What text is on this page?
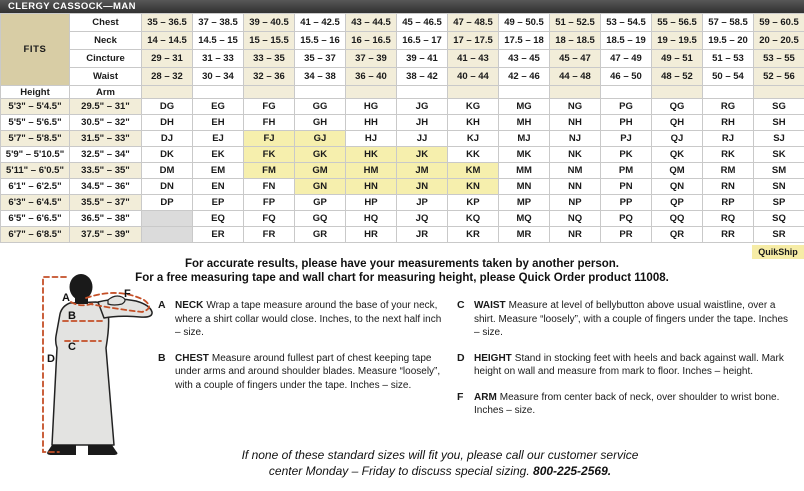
CLERGY CASSOCK—MAN
FITS	Chest	35 – 36.5	37 – 38.5	39 – 40.5	41 – 42.5	43 – 44.5	45 – 46.5	47 – 48.5	49 – 50.5	51 – 52.5	53 – 54.5	55 – 56.5	57 – 58.5	59 – 60.5
	Neck	14 – 14.5	14.5 – 15	15 – 15.5	15.5 – 16	16 – 16.5	16.5 – 17	17 – 17.5	17.5 – 18	18 – 18.5	18.5 – 19	19 – 19.5	19.5 – 20	20 – 20.5
	Cincture	29 – 31	31 – 33	33 – 35	35 – 37	37 – 39	39 – 41	41 – 43	43 – 45	45 – 47	47 – 49	49 – 51	51 – 53	53 – 55
	Waist	28 – 32	30 – 34	32 – 36	34 – 38	36 – 40	38 – 42	40 – 44	42 – 46	44 – 48	46 – 50	48 – 52	50 – 54	52 – 56
Height	Arm													
5'3" – 5'4.5"	29.5" – 31"	DG	EG	FG	GG	HG	JG	KG	MG	NG	PG	QG	RG	SG
5'5" – 5'6.5"	30.5" – 32"	DH	EH	FH	GH	HH	JH	KH	MH	NH	PH	QH	RH	SH
5'7" – 5'8.5"	31.5" – 33"	DJ	EJ	FJ	GJ	HJ	JJ	KJ	MJ	NJ	PJ	QJ	RJ	SJ
5'9" – 5'10.5"	32.5" – 34"	DK	EK	FK	GK	HK	JK	KK	MK	NK	PK	QK	RK	SK
5'11" – 6'0.5"	33.5" – 35"	DM	EM	FM	GM	HM	JM	KM	MM	NM	PM	QM	RM	SM
6'1" – 6'2.5"	34.5" – 36"	DN	EN	FN	GN	HN	JN	KN	MN	NN	PN	QN	RN	SN
6'3" – 6'4.5"	35.5" – 37"	DP	EP	FP	GP	HP	JP	KP	MP	NP	PP	QP	RP	SP
6'5" – 6'6.5"	36.5" – 38"		EQ	FQ	GQ	HQ	JQ	KQ	MQ	NQ	PQ	QQ	RQ	SQ
6'7" – 6'8.5"	37.5" – 39"		ER	FR	GR	HR	JR	KR	MR	NR	PR	QR	RR	SR
QuikShip
For accurate results, please have your measurements taken by another person.
For a free measuring tape and wall chart for measuring height, please Quick Order product 11008.
A
B
C
D
F
A NECK Wrap a tape measure around the base of your neck, where a shirt collar would close. Inches, to the next half inch – size.
B CHEST Measure around fullest part of chest keeping tape under arms and around shoulder blades. Measure “loosely”, with a couple of fingers under the tape. Inches – size.
C WAIST Measure at level of bellybutton above usual waistline, over a shirt. Measure “loosely”, with a couple of fingers under the tape. Inches – size.
D HEIGHT Stand in stocking feet with heels and back against wall. Mark height on wall and measure from mark to floor. Inches – height.
F	ARM Measure from center back of neck, over shoulder to wrist bone. Inches – size.
If none of these standard sizes will fit you, please call our customer service
center Monday – Friday to discuss special sizing. 800-225-2569.
